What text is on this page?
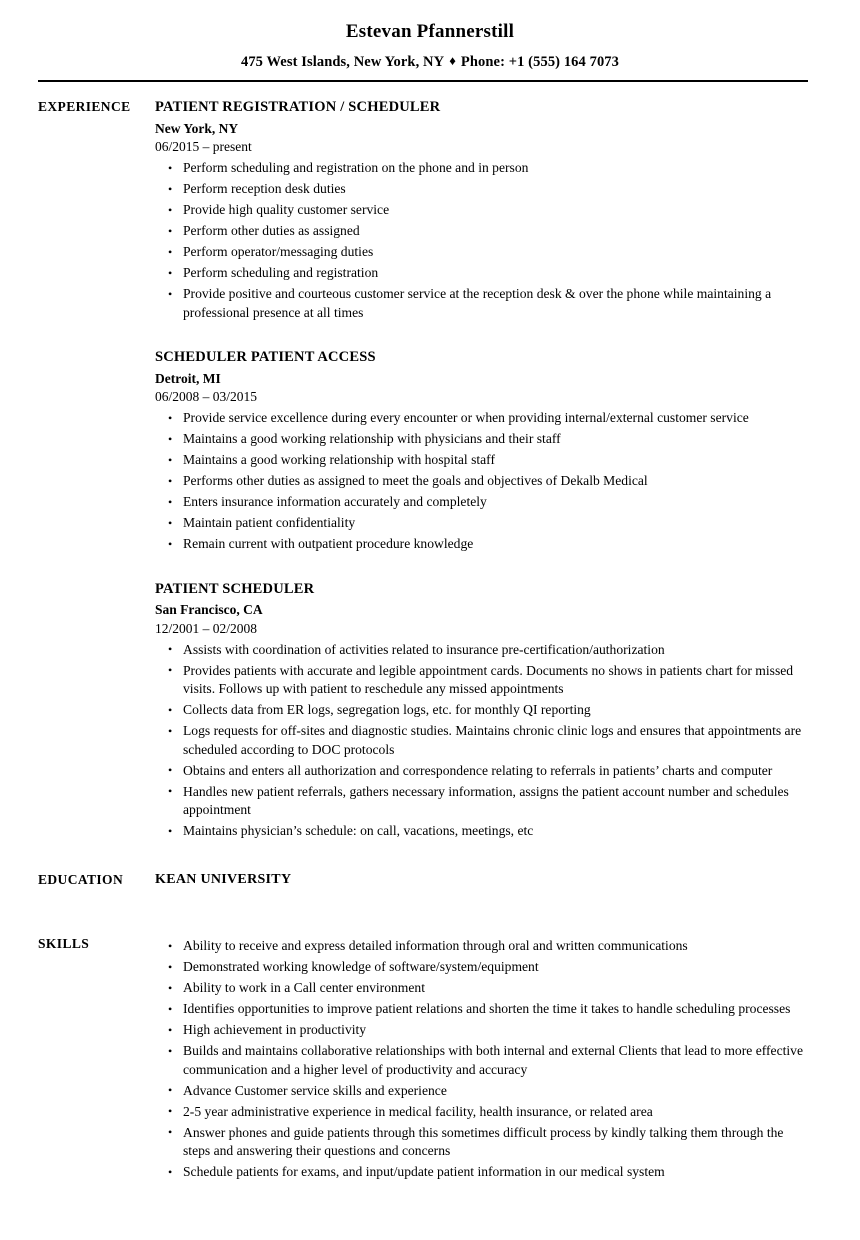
Estevan Pfannerstill
475 West Islands, New York, NY ♦ Phone: +1 (555) 164 7073
EXPERIENCE	PATIENT REGISTRATION / SCHEDULER
New York, NY
06/2015 – present
• Perform scheduling and registration on the phone and in person
• Perform reception desk duties
• Provide high quality customer service
• Perform other duties as assigned
• Perform operator/messaging duties
• Perform scheduling and registration
• Provide positive and courteous customer service at the reception desk & over the phone while maintaining a professional presence at all times
SCHEDULER PATIENT ACCESS
Detroit, MI
06/2008 – 03/2015
• Provide service excellence during every encounter or when providing internal/external customer service
• Maintains a good working relationship with physicians and their staff
• Maintains a good working relationship with hospital staff
• Performs other duties as assigned to meet the goals and objectives of Dekalb Medical
• Enters insurance information accurately and completely
• Maintain patient confidentiality
• Remain current with outpatient procedure knowledge
PATIENT SCHEDULER
San Francisco, CA
12/2001 – 02/2008
• Assists with coordination of activities related to insurance pre-certification/authorization
• Provides patients with accurate and legible appointment cards. Documents no shows in patients chart for missed visits. Follows up with patient to reschedule any missed appointments
• Collects data from ER logs, segregation logs, etc. for monthly QI reporting
• Logs requests for off-sites and diagnostic studies. Maintains chronic clinic logs and ensures that appointments are scheduled according to DOC protocols
• Obtains and enters all authorization and correspondence relating to referrals in patients’ charts and computer
• Handles new patient referrals, gathers necessary information, assigns the patient account number and schedules appointment
• Maintains physician’s schedule: on call, vacations, meetings, etc
EDUCATION	KEAN UNIVERSITY
SKILLS	• Ability to receive and express detailed information through oral and written communications
• Demonstrated working knowledge of software/system/equipment
• Ability to work in a Call center environment
• Identifies opportunities to improve patient relations and shorten the time it takes to handle scheduling processes
• High achievement in productivity
• Builds and maintains collaborative relationships with both internal and external Clients that lead to more effective communication and a higher level of productivity and accuracy
• Advance Customer service skills and experience
• 2-5 year administrative experience in medical facility, health insurance, or related area
• Answer phones and guide patients through this sometimes difficult process by kindly talking them through the steps and answering their questions and concerns
• Schedule patients for exams, and input/update patient information in our medical system
